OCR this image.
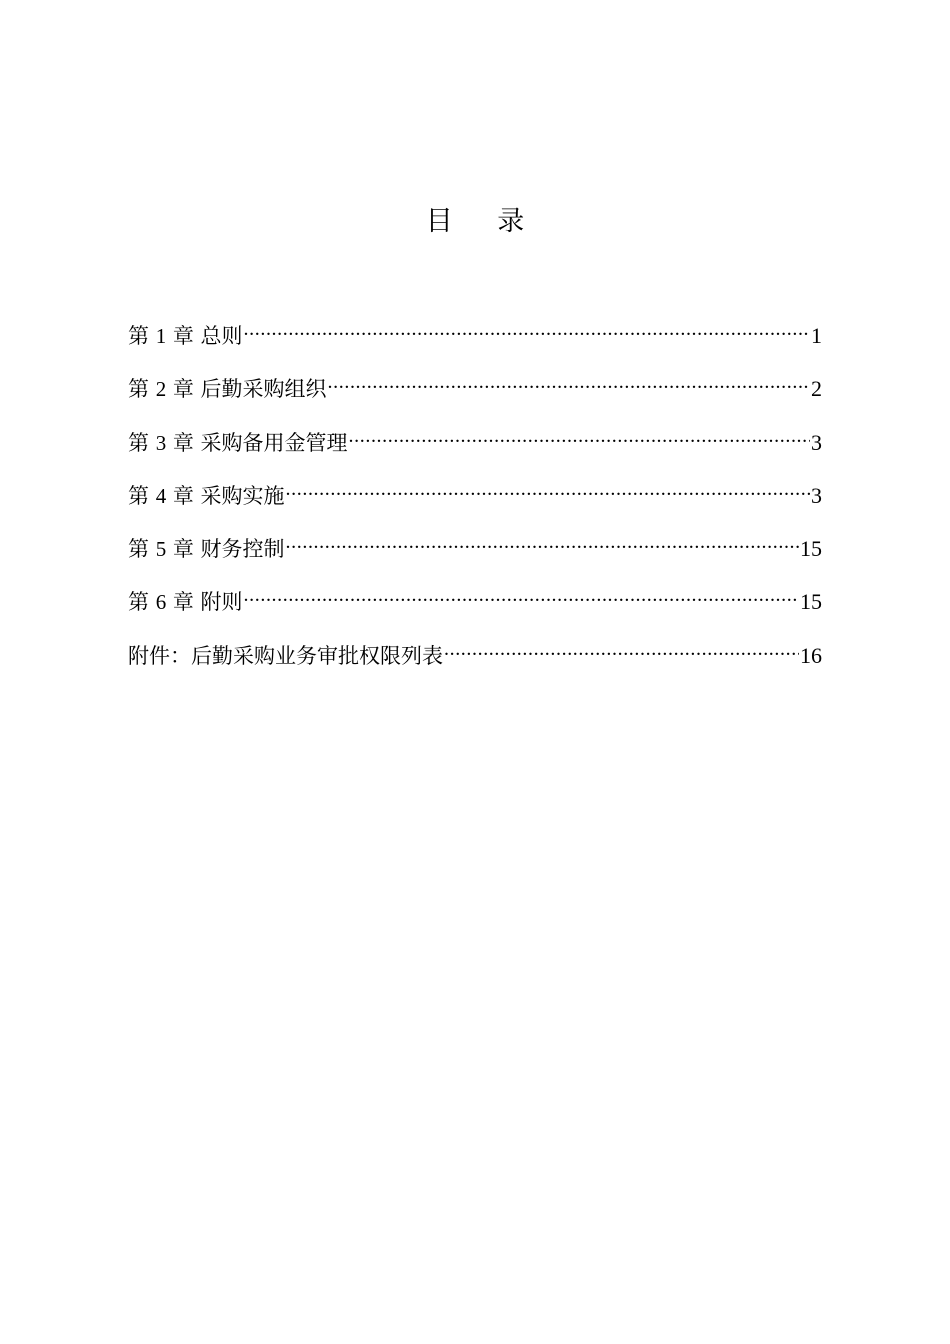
目 录
第 1 章 总则 .....	1
第 2 章 后勤采购组织 .....	2
第 3 章 采购备用金管理 .....	3
第 4 章 采购实施 .....	3
第 5 章 财务控制 .....	15
第 6 章 附则 .....	15
附件：后勤采购业务审批权限列表 .....	16
